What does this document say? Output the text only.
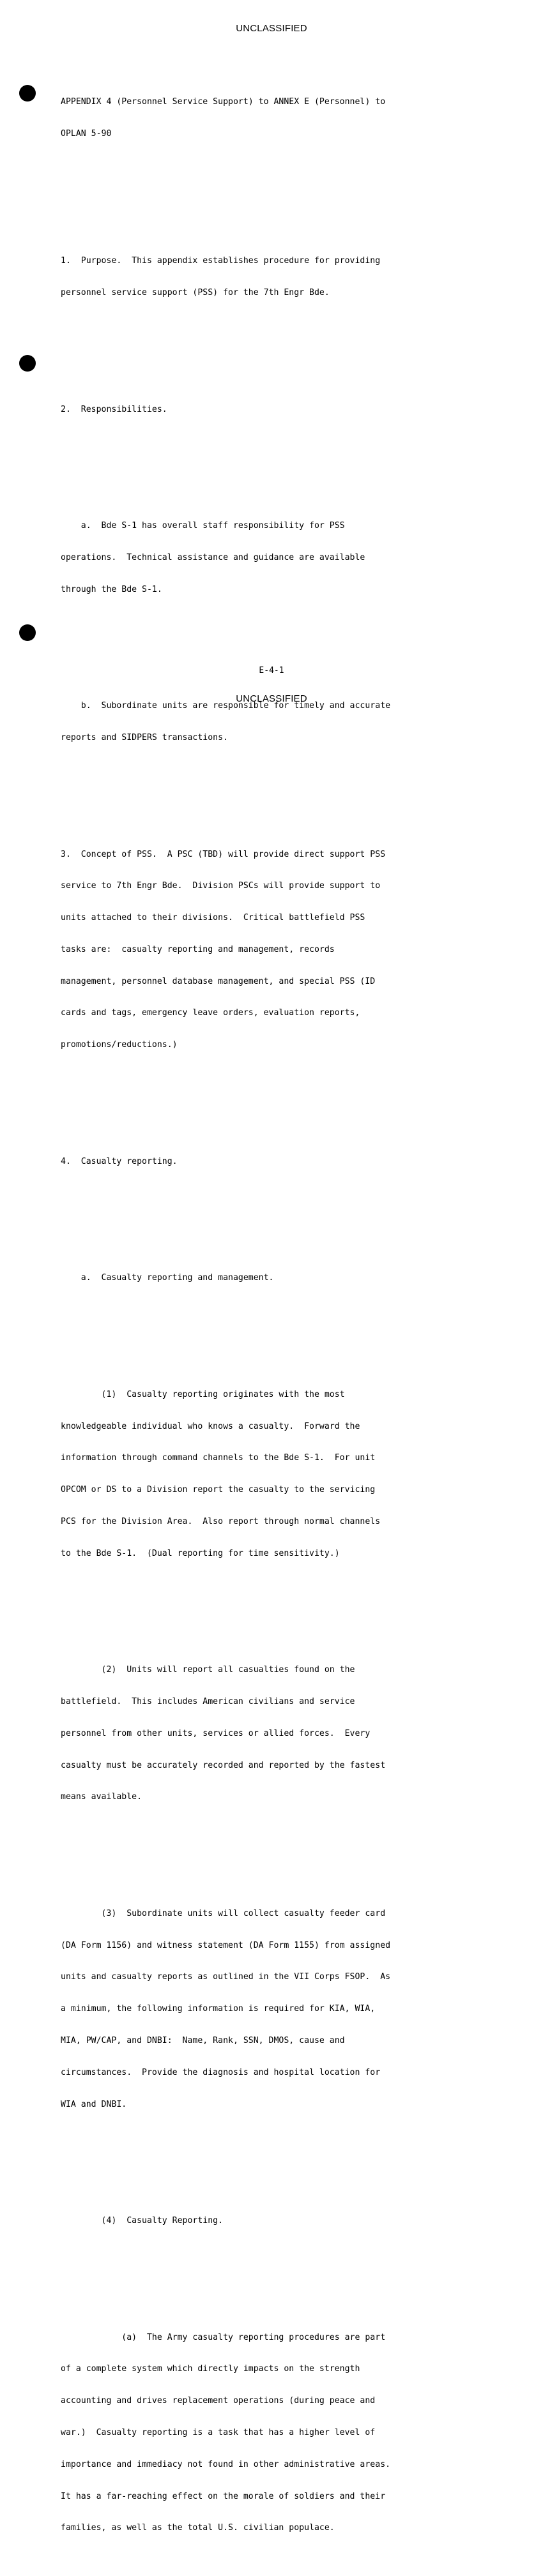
UNCLASSIFIED

APPENDIX 4 (Personnel Service Support) to ANNEX E (Personnel) to

OPLAN 5-90

1.  Purpose.  This appendix establishes procedure for providing

personnel service support (PSS) for the 7th Engr Bde.

2.  Responsibilities.

a.  Bde S-1 has overall staff responsibility for PSS

operations.  Technical assistance and guidance are available

through the Bde S-1.

b.  Subordinate units are responsible for timely and accurate

reports and SIDPERS transactions.

3.  Concept of PSS.  A PSC (TBD) will provide direct support PSS

service to 7th Engr Bde.  Division PSCs will provide support to

units attached to their divisions.  Critical battlefield PSS

tasks are:  casualty reporting and management, records

management, personnel database management, and special PSS (ID

cards and tags, emergency leave orders, evaluation reports,

promotions/reductions.)

4.  Casualty reporting.

a.  Casualty reporting and management.

(1)  Casualty reporting originates with the most

knowledgeable individual who knows a casualty.  Forward the

information through command channels to the Bde S-1.  For unit

OPCOM or DS to a Division report the casualty to the servicing

PCS for the Division Area.  Also report through normal channels

to the Bde S-1.  (Dual reporting for time sensitivity.)

(2)  Units will report all casualties found on the

battlefield.  This includes American civilians and service

personnel from other units, services or allied forces.  Every

casualty must be accurately recorded and reported by the fastest

means available.

(3)  Subordinate units will collect casualty feeder card

(DA Form 1156) and witness statement (DA Form 1155) from assigned

units and casualty reports as outlined in the VII Corps FSOP.  As

a minimum, the following information is required for KIA, WIA,

MIA, PW/CAP, and DNBI:  Name, Rank, SSN, DMOS, cause and

circumstances.  Provide the diagnosis and hospital location for

WIA and DNBI.

(4)  Casualty Reporting.

(a)  The Army casualty reporting procedures are part

of a complete system which directly impacts on the strength

accounting and drives replacement operations (during peace and

war.)  Casualty reporting is a task that has a higher level of

importance and immediacy not found in other administrative areas.

It has a far-reaching effect on the morale of soldiers and their

families, as well as the total U.S. civilian populace.

E-4-1
UNCLASSIFIED
